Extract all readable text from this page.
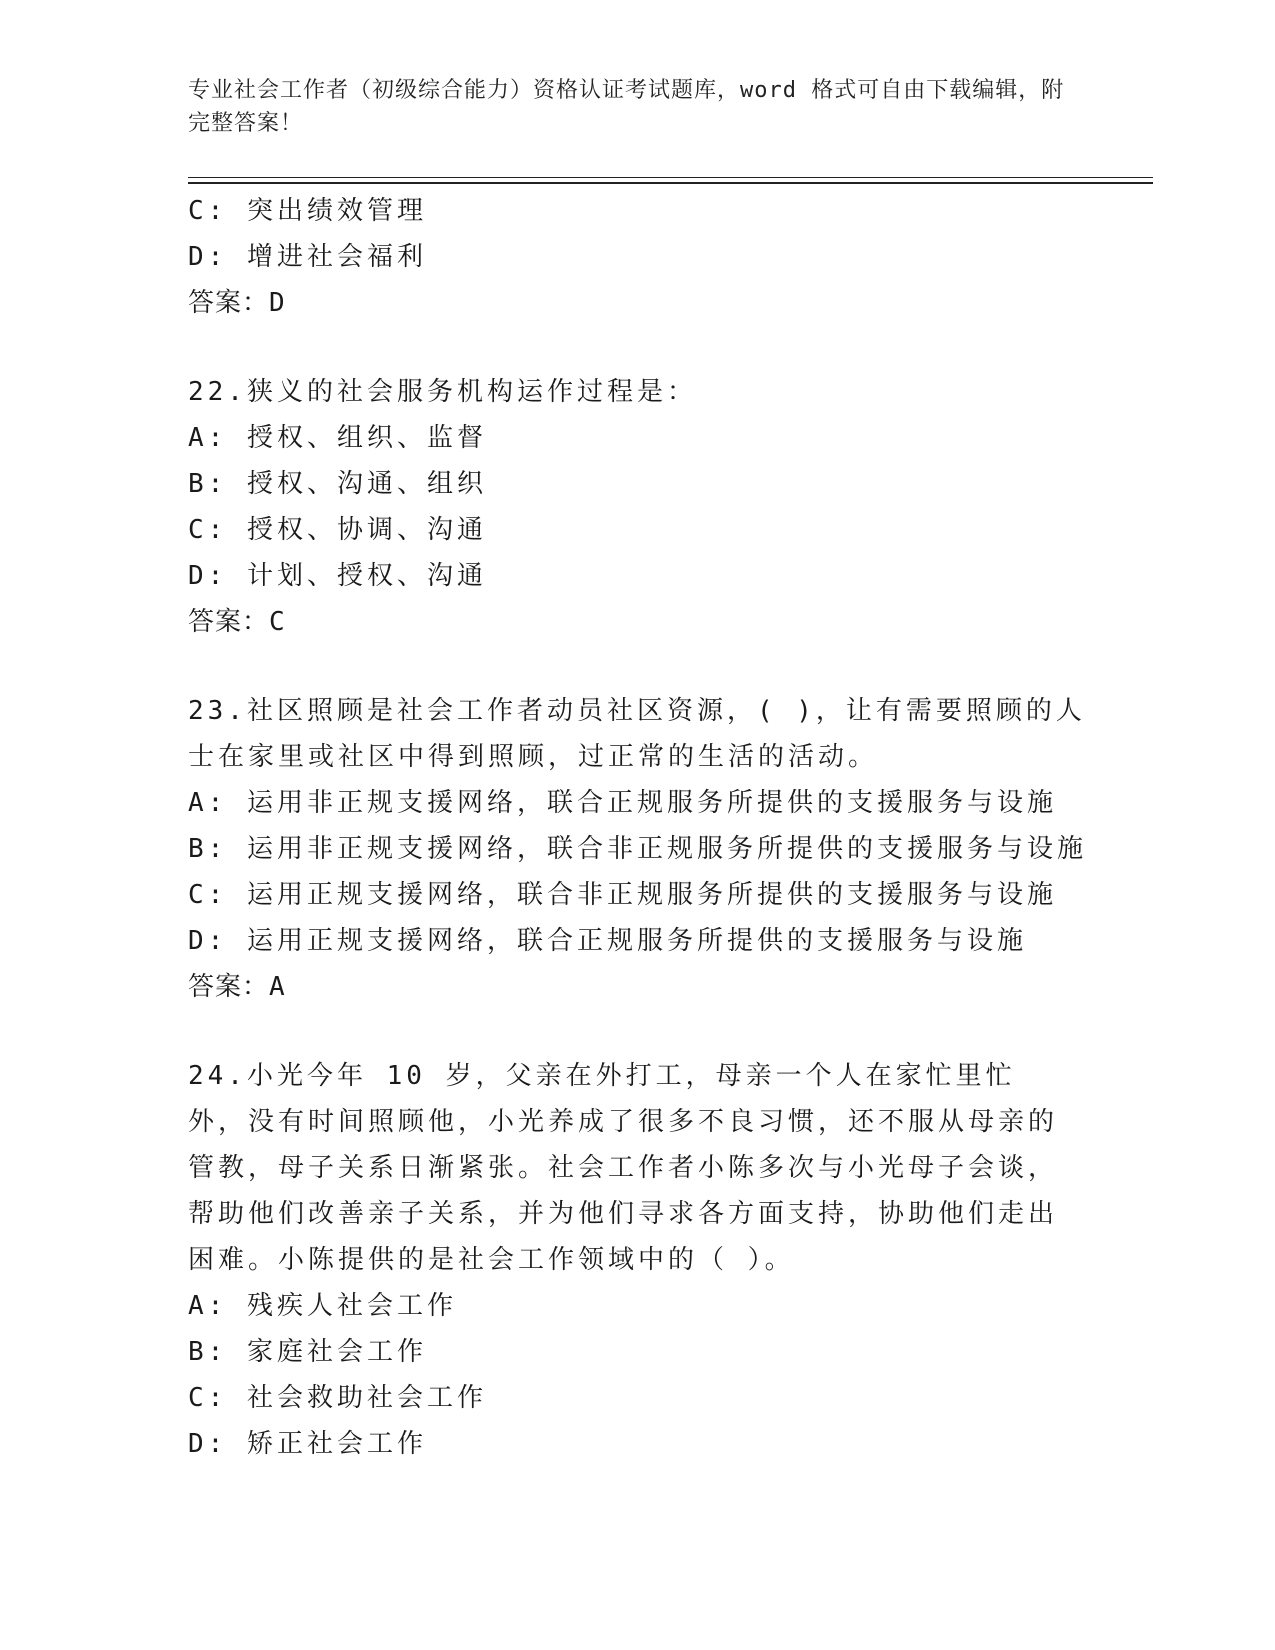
专业社会工作者（初级综合能力）资格认证考试题库，word 格式可自由下载编辑，附完整答案！
C: 突出绩效管理
D: 增进社会福利
答案：D
22.狭义的社会服务机构运作过程是：
A: 授权、组织、监督
B: 授权、沟通、组织
C: 授权、协调、沟通
D: 计划、授权、沟通
答案：C
23.社区照顾是社会工作者动员社区资源，( )，让有需要照顾的人士在家里或社区中得到照顾，过正常的生活的活动。
A: 运用非正规支援网络，联合正规服务所提供的支援服务与设施
B: 运用非正规支援网络，联合非正规服务所提供的支援服务与设施
C: 运用正规支援网络，联合非正规服务所提供的支援服务与设施
D: 运用正规支援网络，联合正规服务所提供的支援服务与设施
答案：A
24.小光今年 10 岁，父亲在外打工，母亲一个人在家忙里忙外，没有时间照顾他，小光养成了很多不良习惯，还不服从母亲的管教，母子关系日渐紧张。社会工作者小陈多次与小光母子会谈，帮助他们改善亲子关系，并为他们寻求各方面支持，协助他们走出困难。小陈提供的是社会工作领域中的（ ）。
A: 残疾人社会工作
B: 家庭社会工作
C: 社会救助社会工作
D: 矫正社会工作
